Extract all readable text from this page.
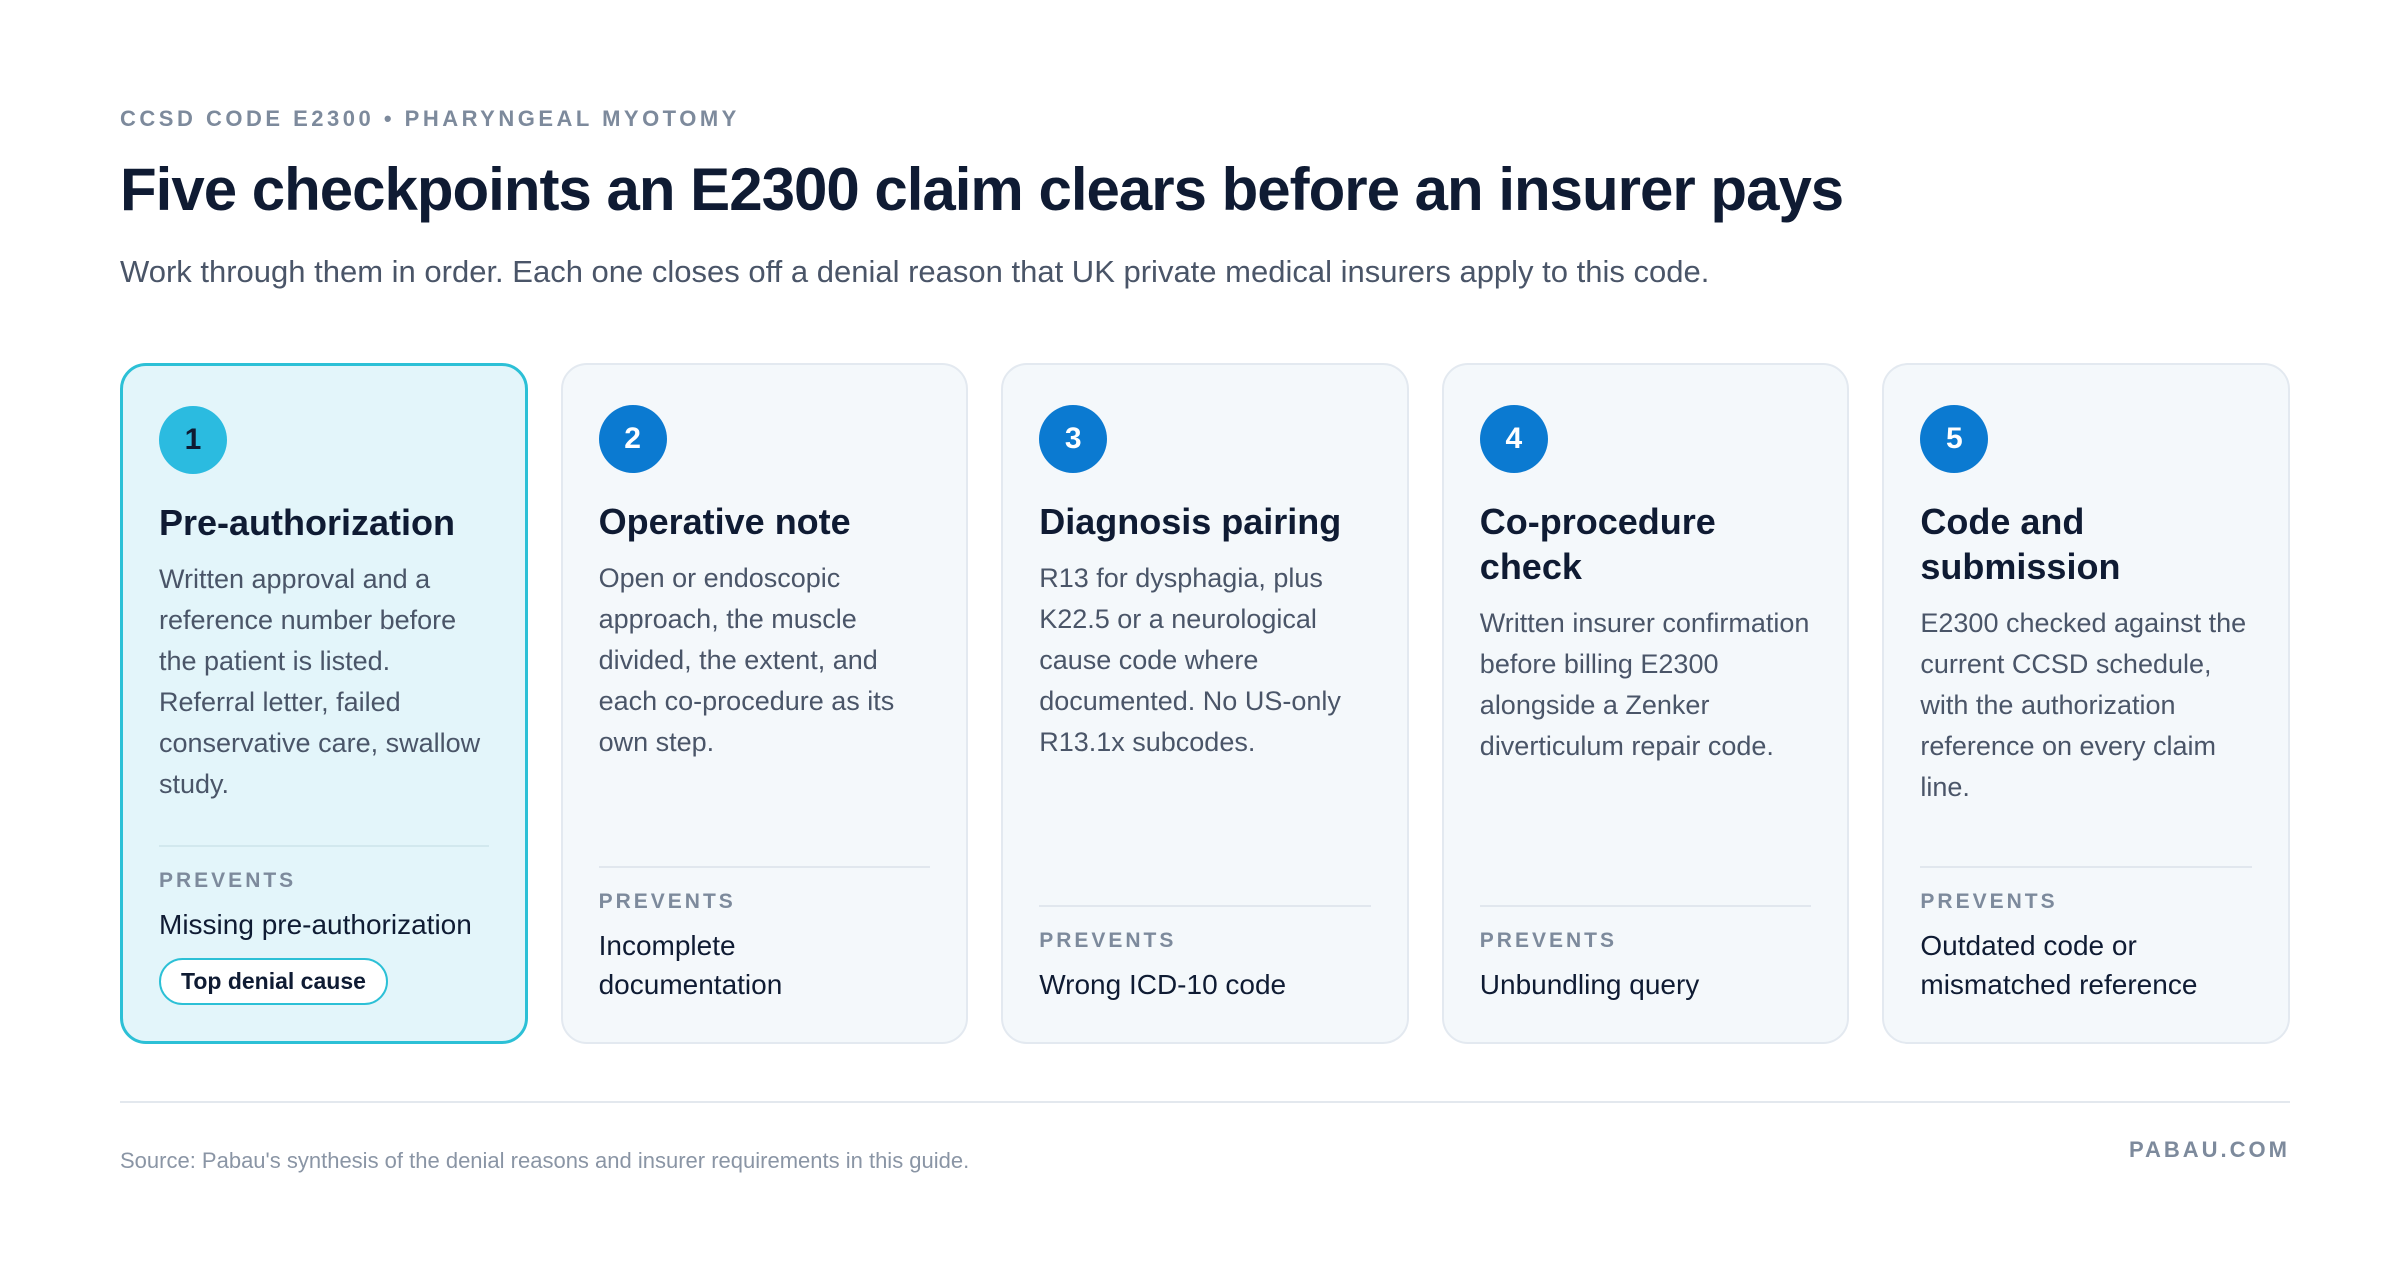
CCSD CODE E2300 • PHARYNGEAL MYOTOMY
Five checkpoints an E2300 claim clears before an insurer pays

Work through them in order. Each one closes off a denial reason that UK private medical insurers apply to this code.

1
Pre-authorization
Written approval and a reference number before the patient is listed. Referral letter, failed conservative care, swallow study.
PREVENTS
Missing pre-authorization
Top denial cause
2
Operative note
Open or endoscopic approach, the muscle divided, the extent, and each co-procedure as its own step.
PREVENTS
Incomplete documentation
3
Diagnosis pairing
R13 for dysphagia, plus K22.5 or a neurological cause code where documented. No US-only R13.1x subcodes.
PREVENTS
Wrong ICD-10 code
4
Co-procedure check
Written insurer confirmation before billing E2300 alongside a Zenker diverticulum repair code.
PREVENTS
Unbundling query
5
Code and submission
E2300 checked against the current CCSD schedule, with the authorization reference on every claim line.
PREVENTS
Outdated code or mismatched reference
Source: Pabau's synthesis of the denial reasons and insurer requirements in this guide.	PABAU.COM
